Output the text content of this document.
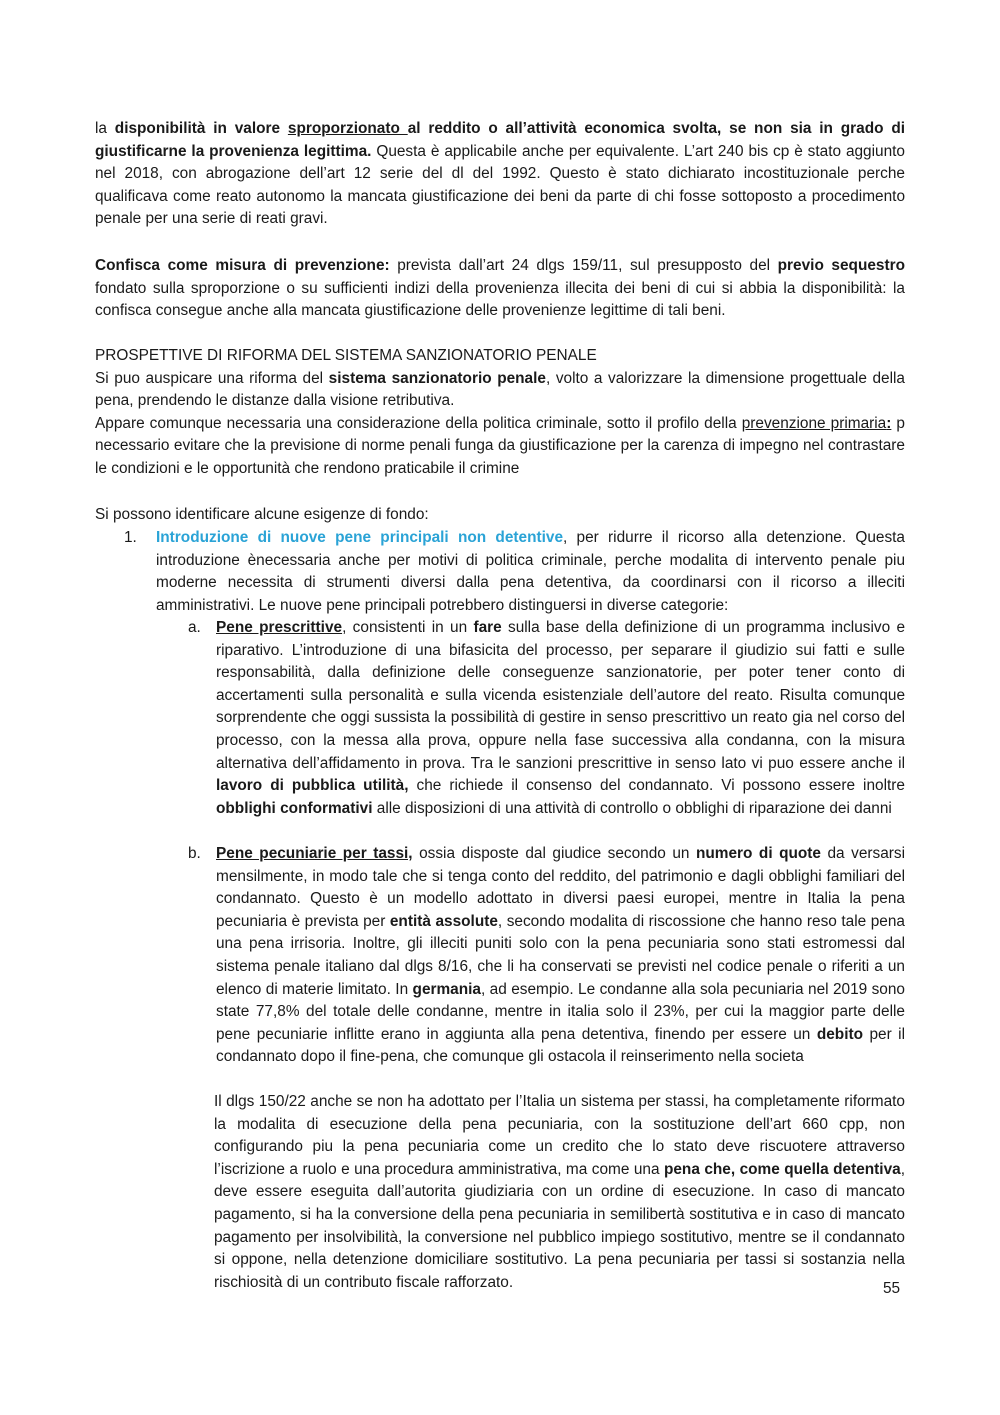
la disponibilità in valore sproporzionato al reddito o all’attività economica svolta, se non sia in grado di giustificarne la provenienza legittima. Questa è applicabile anche per equivalente. L’art 240 bis cp è stato aggiunto nel 2018, con abrogazione dell’art 12 serie del dl del 1992. Questo è stato dichiarato incostituzionale perche qualificava come reato autonomo la mancata giustificazione dei beni da parte di chi fosse sottoposto a procedimento penale per una serie di reati gravi.

Confisca come misura di prevenzione: prevista dall’art 24 dlgs 159/11, sul presupposto del previo sequestro fondato sulla sproporzione o su sufficienti indizi della provenienza illecita dei beni di cui si abbia la disponibilità: la confisca consegue anche alla mancata giustificazione delle provenienze legittime di tali beni.

PROSPETTIVE DI RIFORMA DEL SISTEMA SANZIONATORIO PENALE

Si puo auspicare una riforma del sistema sanzionatorio penale, volto a valorizzare la dimensione progettuale della pena, prendendo le distanze dalla visione retributiva.

Appare comunque necessaria una considerazione della politica criminale, sotto il profilo della prevenzione primaria: p necessario evitare che la previsione di norme penali funga da giustificazione per la carenza di impegno nel contrastare le condizioni e le opportunità che rendono praticabile il crimine

Si possono identificare alcune esigenze di fondo:

1. Introduzione di nuove pene principali non detentive, per ridurre il ricorso alla detenzione. Questa introduzione ènecessaria anche per motivi di politica criminale, perche modalita di intervento penale piu moderne necessita di strumenti diversi dalla pena detentiva, da coordinarsi con il ricorso a illeciti amministrativi. Le nuove pene principali potrebbero distinguersi in diverse categorie:

a. Pene prescrittive, consistenti in un fare sulla base della definizione di un programma inclusivo e riparativo. L’introduzione di una bifasicita del processo, per separare il giudizio sui fatti e sulle responsabilità, dalla definizione delle conseguenze sanzionatorie, per poter tener conto di accertamenti sulla personalità e sulla vicenda esistenziale dell’autore del reato. Risulta comunque sorprendente che oggi sussista la possibilità di gestire in senso prescrittivo un reato gia nel corso del processo, con la messa alla prova, oppure nella fase successiva alla condanna, con la misura alternativa dell’affidamento in prova. Tra le sanzioni prescrittive in senso lato vi puo essere anche il lavoro di pubblica utilità, che richiede il consenso del condannato. Vi possono essere inoltre obblighi conformativi alle disposizioni di una attività di controllo o obblighi di riparazione dei danni

b. Pene pecuniarie per tassi, ossia disposte dal giudice secondo un numero di quote da versarsi mensilmente, in modo tale che si tenga conto del reddito, del patrimonio e dagli obblighi familiari del condannato. Questo è un modello adottato in diversi paesi europei, mentre in Italia la pena pecuniaria è prevista per entità assolute, secondo modalita di riscossione che hanno reso tale pena una pena irrisoria. Inoltre, gli illeciti puniti solo con la pena pecuniaria sono stati estromessi dal sistema penale italiano dal dlgs 8/16, che li ha conservati se previsti nel codice penale o riferiti a un elenco di materie limitato. In germania, ad esempio. Le condanne alla sola pecuniaria nel 2019 sono state 77,8% del totale delle condanne, mentre in italia solo il 23%, per cui la maggior parte delle pene pecuniarie inflitte erano in aggiunta alla pena detentiva, finendo per essere un debito per il condannato dopo il fine-pena, che comunque gli ostacola il reinserimento nella societa

Il dlgs 150/22 anche se non ha adottato per l’Italia un sistema per stassi, ha completamente riformato la modalita di esecuzione della pena pecuniaria, con la sostituzione dell’art 660 cpp, non configurando piu la pena pecuniaria come un credito che lo stato deve riscuotere attraverso l’iscrizione a ruolo e una procedura amministrativa, ma come una pena che, come quella detentiva, deve essere eseguita dall’autorita giudiziaria con un ordine di esecuzione. In caso di mancato pagamento, si ha la conversione della pena pecuniaria in semilibertà sostitutiva e in caso di mancato pagamento per insolvibilità, la conversione nel pubblico impiego sostitutivo, mentre se il condannato si oppone, nella detenzione domiciliare sostitutivo. La pena pecuniaria per tassi si sostanzia nella rischiosità di un contributo fiscale rafforzato.	55
